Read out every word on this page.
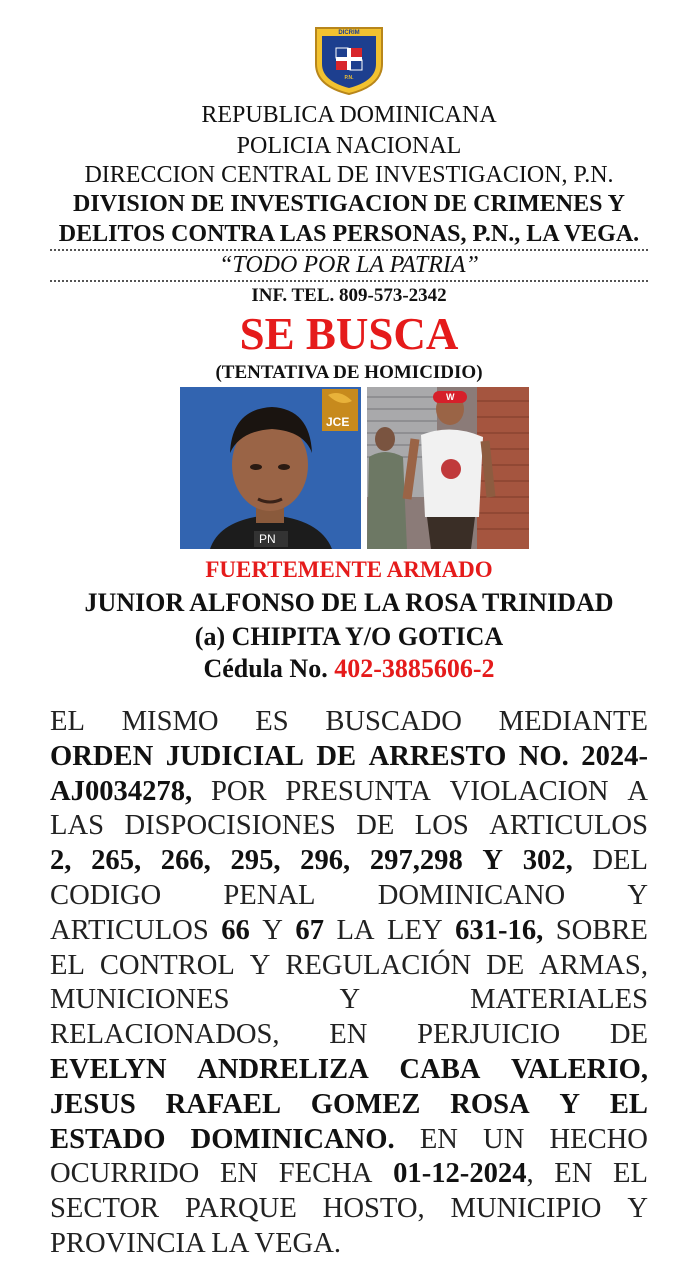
DICRIM
P.N.
REPUBLICA DOMINICANA
POLICIA NACIONAL
DIRECCION CENTRAL DE INVESTIGACION, P.N.
DIVISION DE INVESTIGACION DE CRIMENES Y
DELITOS CONTRA LAS PERSONAS, P.N., LA VEGA.
“TODO POR LA PATRIA”
INF. TEL. 809-573-2342
SE BUSCA
(TENTATIVA DE HOMICIDIO)
JCE
PN
W
FUERTEMENTE ARMADO
JUNIOR ALFONSO DE LA ROSA TRINIDAD
(a) CHIPITA Y/O GOTICA
Cédula No. 402-3885606-2
EL MISMO ES BUSCADO MEDIANTE
ORDEN JUDICIAL DE ARRESTO NO. 2024-
AJ0034278, POR PRESUNTA VIOLACION A
LAS DISPOCISIONES DE LOS ARTICULOS
2, 265, 266, 295, 296, 297,298 Y 302, DEL
CODIGO PENAL DOMINICANO Y
ARTICULOS 66 Y 67 LA LEY 631-16, SOBRE
EL CONTROL Y REGULACIÓN DE ARMAS,
MUNICIONES	Y	MATERIALES
RELACIONADOS, EN PERJUICIO DE
EVELYN ANDRELIZA CABA VALERIO,
JESUS RAFAEL GOMEZ ROSA Y EL
ESTADO DOMINICANO. EN UN HECHO
OCURRIDO EN FECHA 01-12-2024, EN EL
SECTOR PARQUE HOSTO, MUNICIPIO Y
PROVINCIA LA VEGA.
